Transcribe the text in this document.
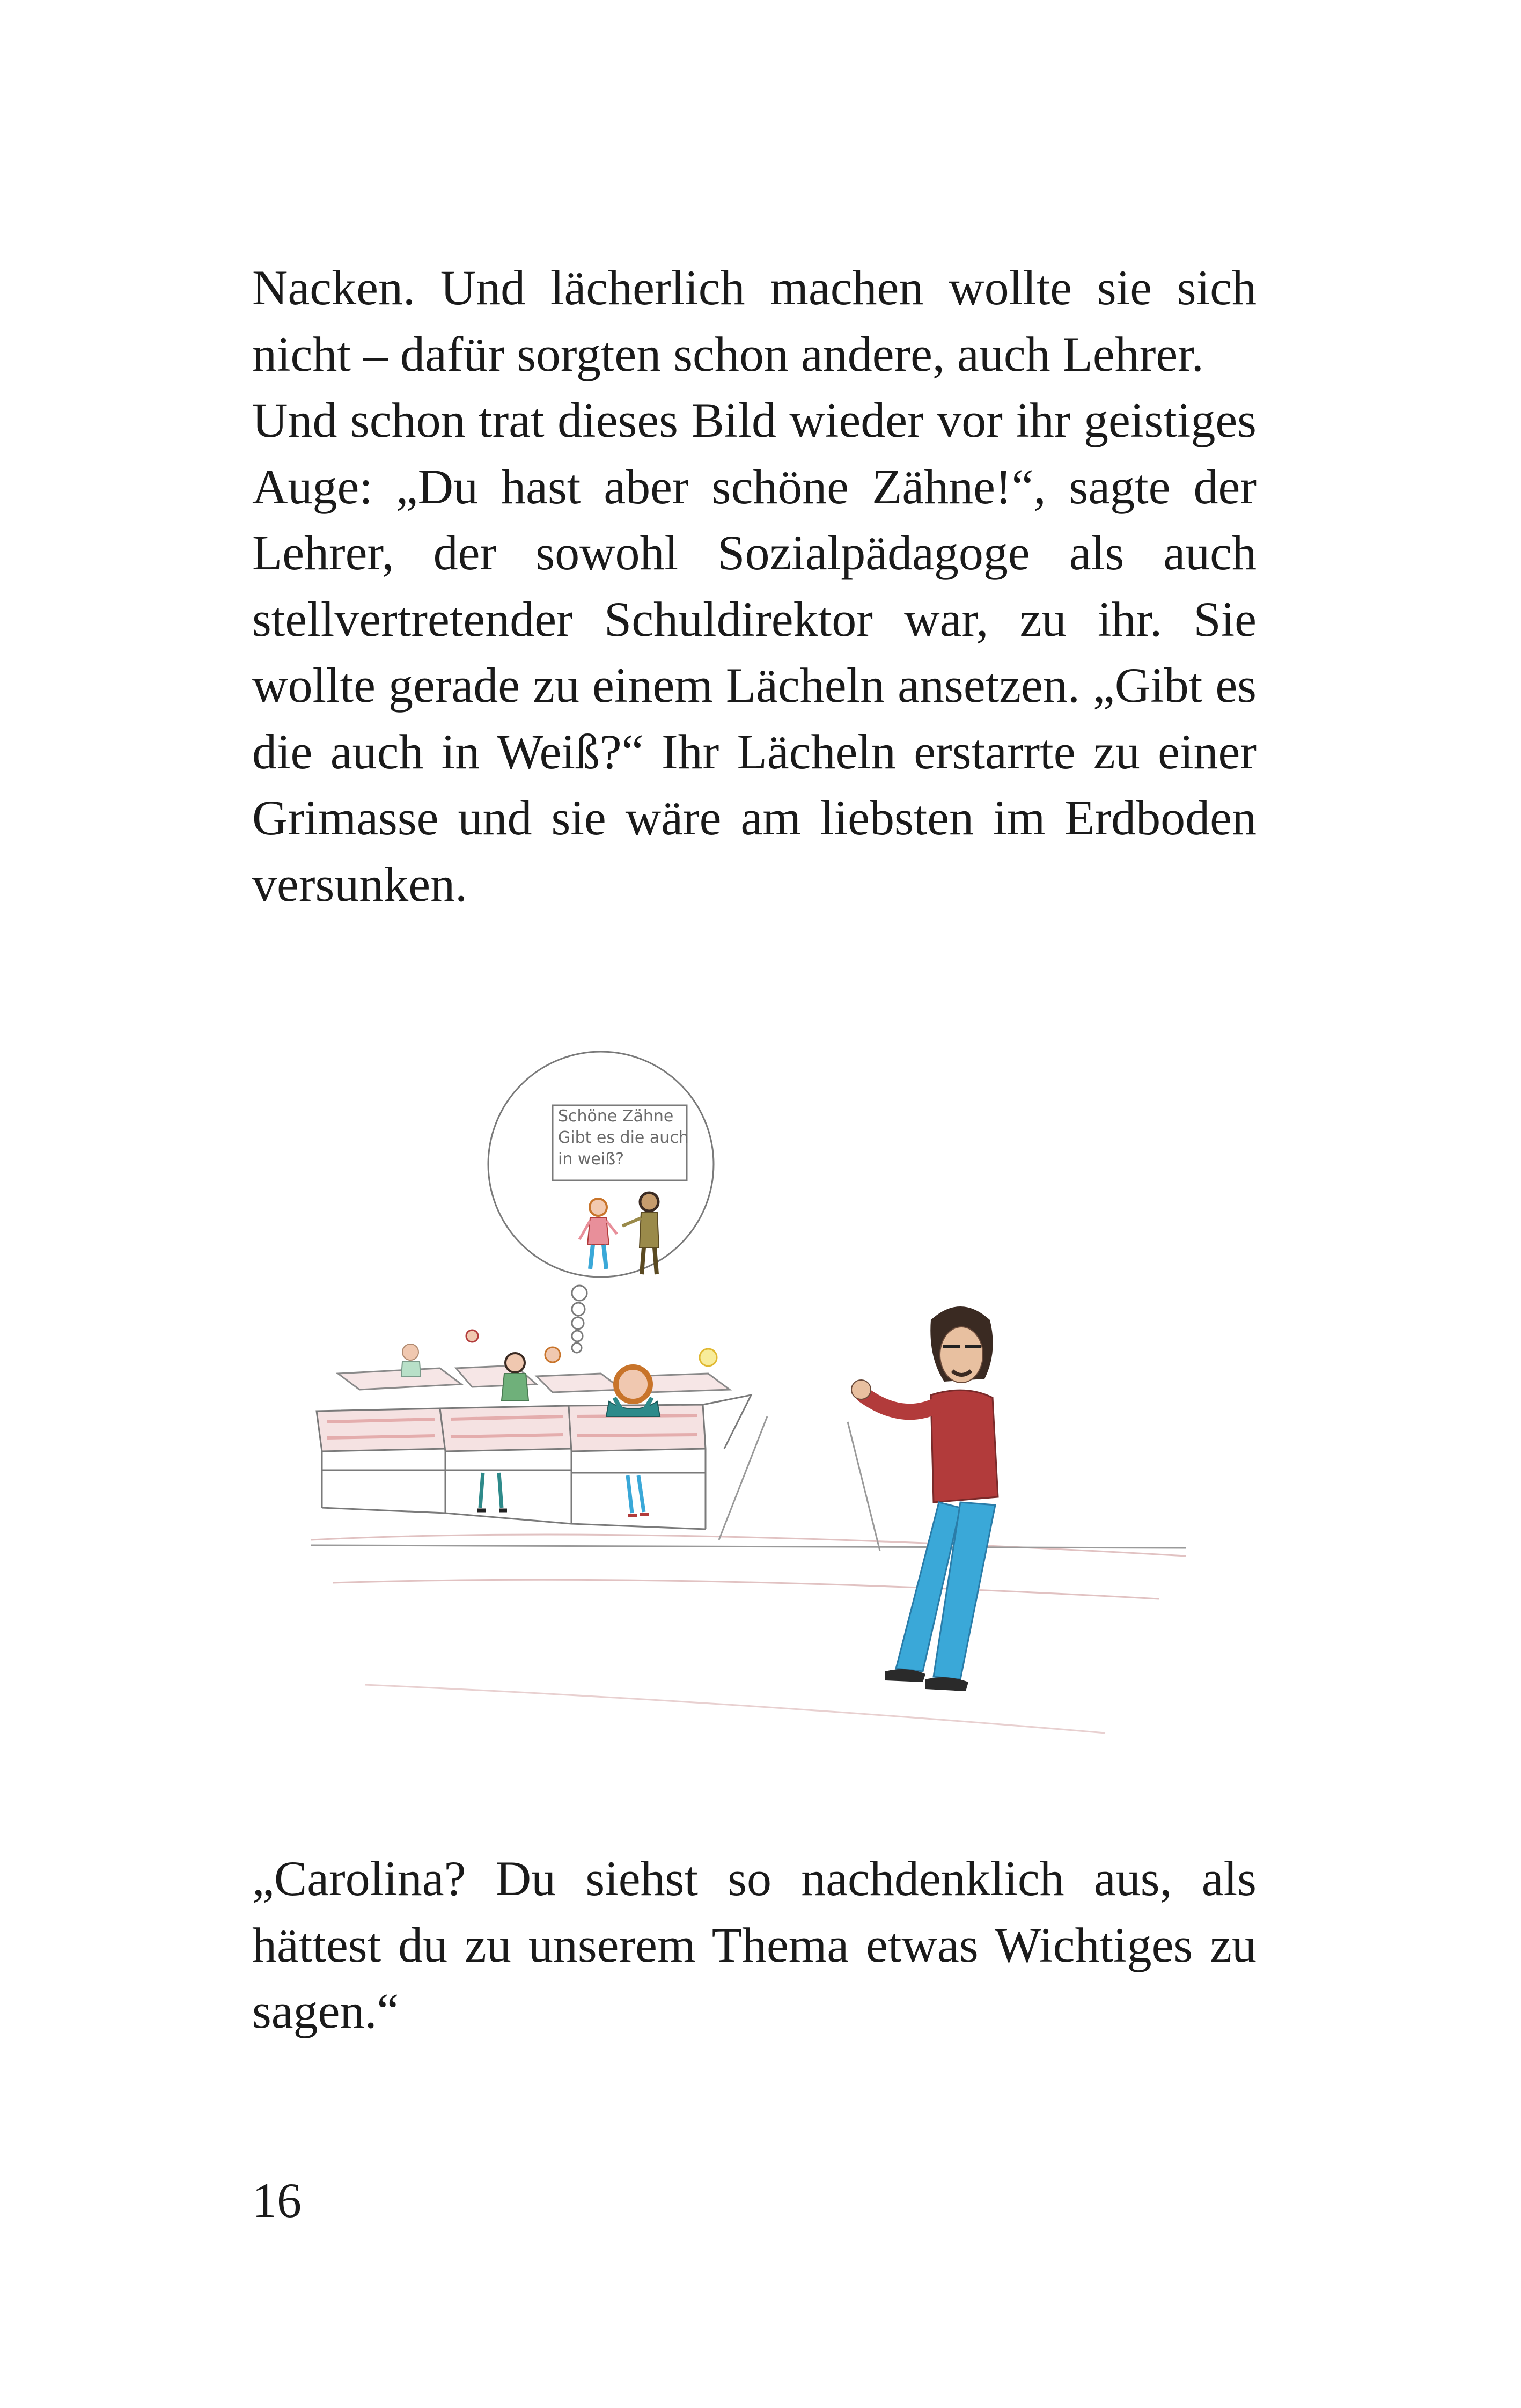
Nacken. Und lächerlich machen wollte sie sich nicht – dafür sorgten schon andere, auch Lehrer.

Und schon trat dieses Bild wieder vor ihr geistiges Auge: „Du hast aber schöne Zähne!“, sagte der Lehrer, der sowohl Sozialpädagoge als auch stellvertretender Schuldirektor war, zu ihr. Sie wollte gerade zu einem Lächeln ansetzen. „Gibt es die auch in Weiß?“ Ihr Lächeln erstarrte zu einer Grimasse und sie wäre am liebsten im Erdboden versunken.

Schöne Zähne
Gibt es die auch
in weiß?

„Carolina? Du siehst so nachdenklich aus, als hättest du zu unserem Thema etwas Wichtiges zu sagen.“

16
